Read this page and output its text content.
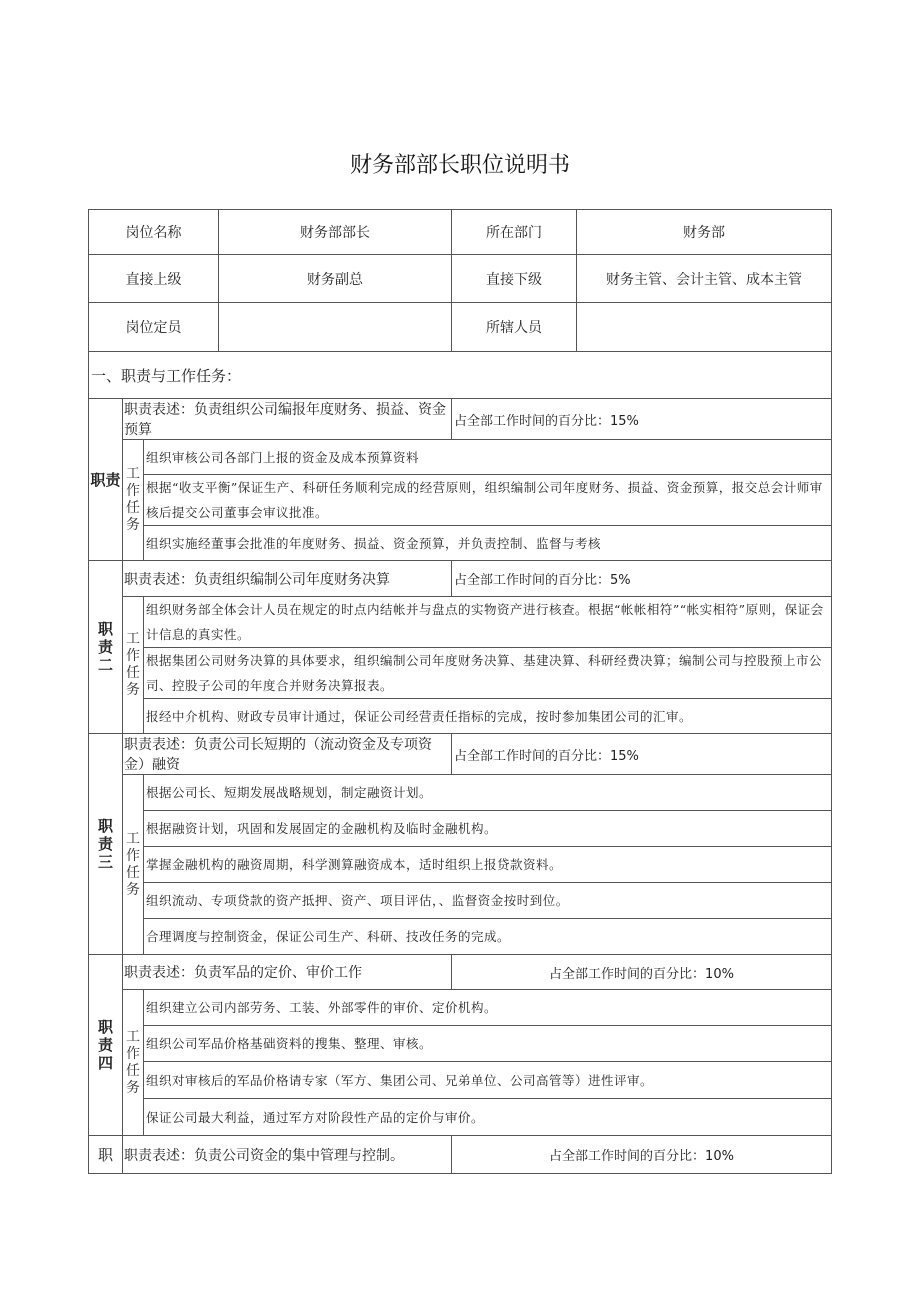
财务部部长职位说明书
岗位名称			财务部部长	所在部门	财务部
直接上级			财务副总	直接下级	财务主管、会计主管、成本主管
岗位定员				所辖人员	
一、职责与工作任务：					
职责	职责表述：负责组织公司编报年度财务、损益、资金预算			占全部工作时间的百分比：15%	
	工作任务	组织审核公司各部门上报的资金及成本预算资料			
		根据“收支平衡”保证生产、科研任务顺利完成的经营原则，组织编制公司年度财务、损益、资金预算，报交总会计师审核后提交公司董事会审议批准。			
		组织实施经董事会批准的年度财务、损益、资金预算，并负责控制、监督与考核			
职责二	职责表述：负责组织编制公司年度财务决算			占全部工作时间的百分比：5%	
	工作任务	组织财务部全体会计人员在规定的时点内结帐并与盘点的实物资产进行核查。根据“帐帐相符”“帐实相符”原则，保证会计信息的真实性。			
		根据集团公司财务决算的具体要求，组织编制公司年度财务决算、基建决算、科研经费决算；编制公司与控股预上市公司、控股子公司的年度合并财务决算报表。			
		报经中介机构、财政专员审计通过，保证公司经营责任指标的完成，按时参加集团公司的汇审。			
职责三	职责表述：负责公司长短期的（流动资金及专项资金）融资			占全部工作时间的百分比：15%	
	工作任务	根据公司长、短期发展战略规划，制定融资计划。			
		根据融资计划，巩固和发展固定的金融机构及临时金融机构。			
		掌握金融机构的融资周期，科学测算融资成本，适时组织上报贷款资料。			
		组织流动、专项贷款的资产抵押、资产、项目评估，、监督资金按时到位。			
		合理调度与控制资金，保证公司生产、科研、技改任务的完成。			
职责四	职责表述：负责军品的定价、审价工作			占全部工作时间的百分比：10%	
	工作任务	组织建立公司内部劳务、工装、外部零件的审价、定价机构。			
		组织公司军品价格基础资料的搜集、整理、审核。			
		组织对审核后的军品价格请专家（军方、集团公司、兄弟单位、公司高管等）进性评审。			
		保证公司最大利益，通过军方对阶段性产品的定价与审价。			
职	职责表述：负责公司资金的集中管理与控制。			占全部工作时间的百分比：10%	
